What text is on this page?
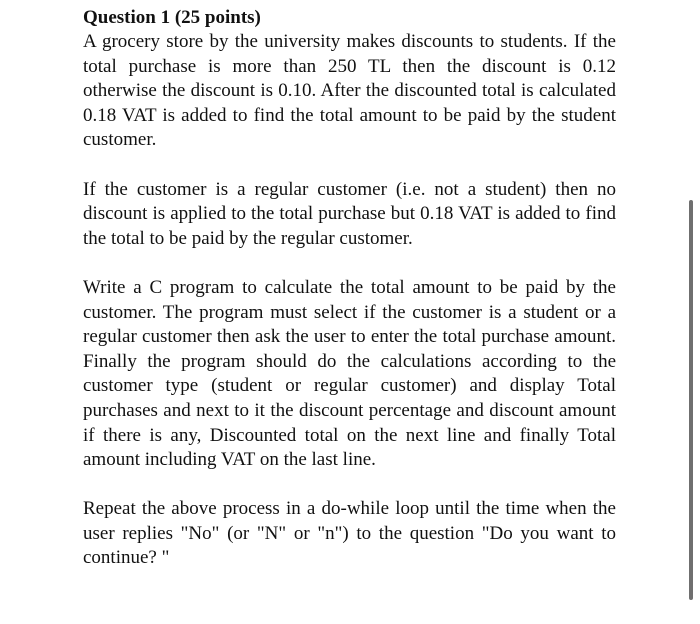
Question 1 (25 points)

A grocery store by the university makes discounts to students. If the total purchase is more than 250 TL then the discount is 0.12 otherwise the discount is 0.10. After the discounted total is calculated 0.18 VAT is added to find the total amount to be paid by the student customer.

If the customer is a regular customer (i.e. not a student) then no discount is applied to the total purchase but 0.18 VAT is added to find the total to be paid by the regular customer.

Write a C program to calculate the total amount to be paid by the customer. The program must select if the customer is a student or a regular customer then ask the user to enter the total purchase amount. Finally the program should do the calculations according to the customer type (student or regular customer) and display Total purchases and next to it the discount percentage and discount amount if there is any, Discounted total on the next line and finally Total amount including VAT on the last line.

Repeat the above process in a do-while loop until the time when the user replies "No" (or "N" or "n") to the question "Do you want to continue? "
